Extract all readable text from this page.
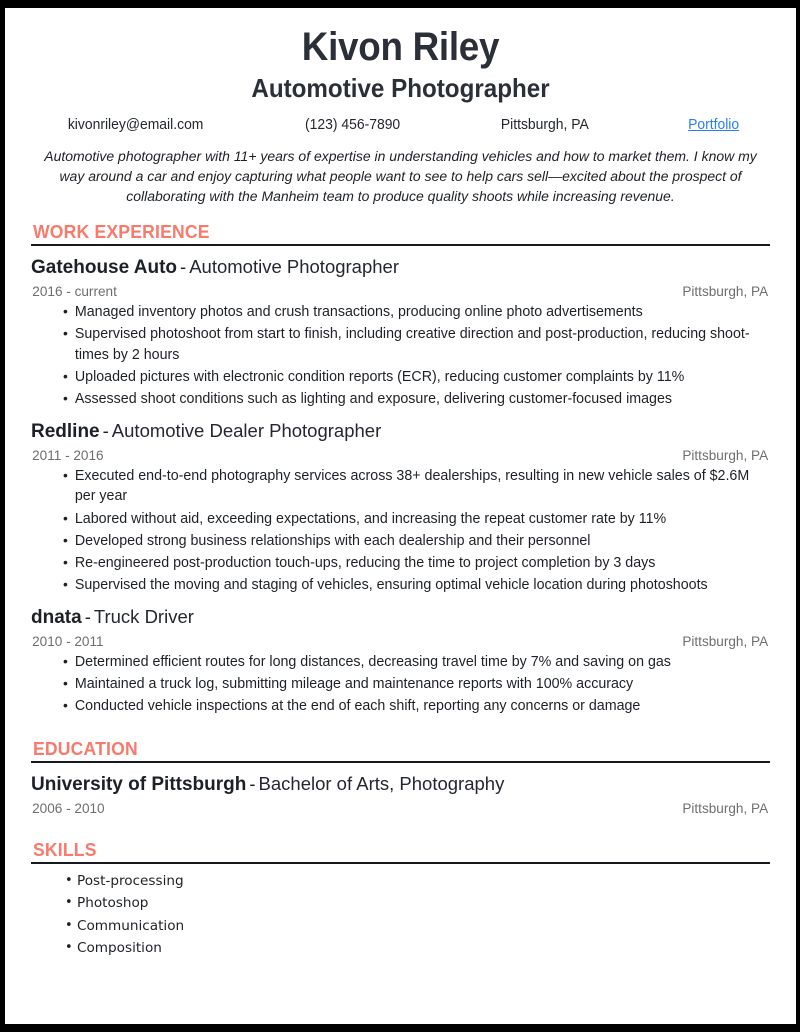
Kivon Riley
Automotive Photographer
kivonriley@email.com	(123) 456-7890	Pittsburgh, PA	Portfolio

Automotive photographer with 11+ years of expertise in understanding vehicles and how to market them. I know my way around a car and enjoy capturing what people want to see to help cars sell—excited about the prospect of collaborating with the Manheim team to produce quality shoots while increasing revenue.

WORK EXPERIENCE
Gatehouse Auto - Automotive Photographer
2016 - current	Pittsburgh, PA
• Managed inventory photos and crush transactions, producing online photo advertisements
• Supervised photoshoot from start to finish, including creative direction and post-production, reducing shoot-times by 2 hours
• Uploaded pictures with electronic condition reports (ECR), reducing customer complaints by 11%
• Assessed shoot conditions such as lighting and exposure, delivering customer-focused images
Redline - Automotive Dealer Photographer
2011 - 2016	Pittsburgh, PA
• Executed end-to-end photography services across 38+ dealerships, resulting in new vehicle sales of $2.6M per year
• Labored without aid, exceeding expectations, and increasing the repeat customer rate by 11%
• Developed strong business relationships with each dealership and their personnel
• Re-engineered post-production touch-ups, reducing the time to project completion by 3 days
• Supervised the moving and staging of vehicles, ensuring optimal vehicle location during photoshoots
dnata - Truck Driver
2010 - 2011	Pittsburgh, PA
• Determined efficient routes for long distances, decreasing travel time by 7% and saving on gas
• Maintained a truck log, submitting mileage and maintenance reports with 100% accuracy
• Conducted vehicle inspections at the end of each shift, reporting any concerns or damage
EDUCATION
University of Pittsburgh - Bachelor of Arts, Photography
2006 - 2010	Pittsburgh, PA
SKILLS
• Post-processing
• Photoshop
• Communication
• Composition
